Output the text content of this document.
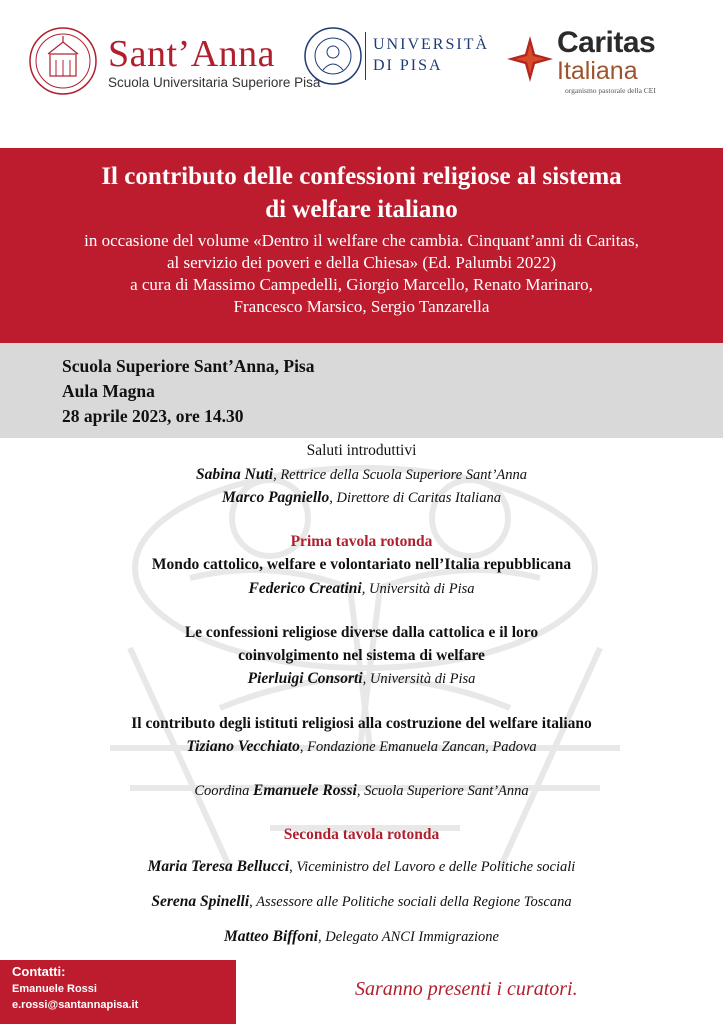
Sant’Anna
Scuola Universitaria Superiore Pisa
UNIVERSITÀ
DI PISA
Caritas
Italiana
organismo pastorale della CEI
Il contributo delle confessioni religiose al sistema
di welfare italiano
in occasione del volume «Dentro il welfare che cambia. Cinquant’anni di Caritas,
al servizio dei poveri e della Chiesa» (Ed. Palumbi 2022)
a cura di Massimo Campedelli, Giorgio Marcello, Renato Marinaro,
Francesco Marsico, Sergio Tanzarella
Scuola Superiore Sant’Anna, Pisa
Aula Magna
28 aprile 2023, ore 14.30
Saluti introduttivi
Sabina Nuti, Rettrice della Scuola Superiore Sant’Anna
Marco Pagniello, Direttore di Caritas Italiana
Prima tavola rotonda
Mondo cattolico, welfare e volontariato nell’Italia repubblicana
Federico Creatini, Università di Pisa
Le confessioni religiose diverse dalla cattolica e il loro
coinvolgimento nel sistema di welfare
Pierluigi Consorti, Università di Pisa
Il contributo degli istituti religiosi alla costruzione del welfare italiano
Tiziano Vecchiato, Fondazione Emanuela Zancan, Padova
Coordina Emanuele Rossi, Scuola Superiore Sant’Anna
Seconda tavola rotonda
Maria Teresa Bellucci, Viceministro del Lavoro e delle Politiche sociali
Serena Spinelli, Assessore alle Politiche sociali della Regione Toscana
Matteo Biffoni, Delegato ANCI Immigrazione
Contatti:
Emanuele Rossi
e.rossi@santannapisa.it
Saranno presenti i curatori.
